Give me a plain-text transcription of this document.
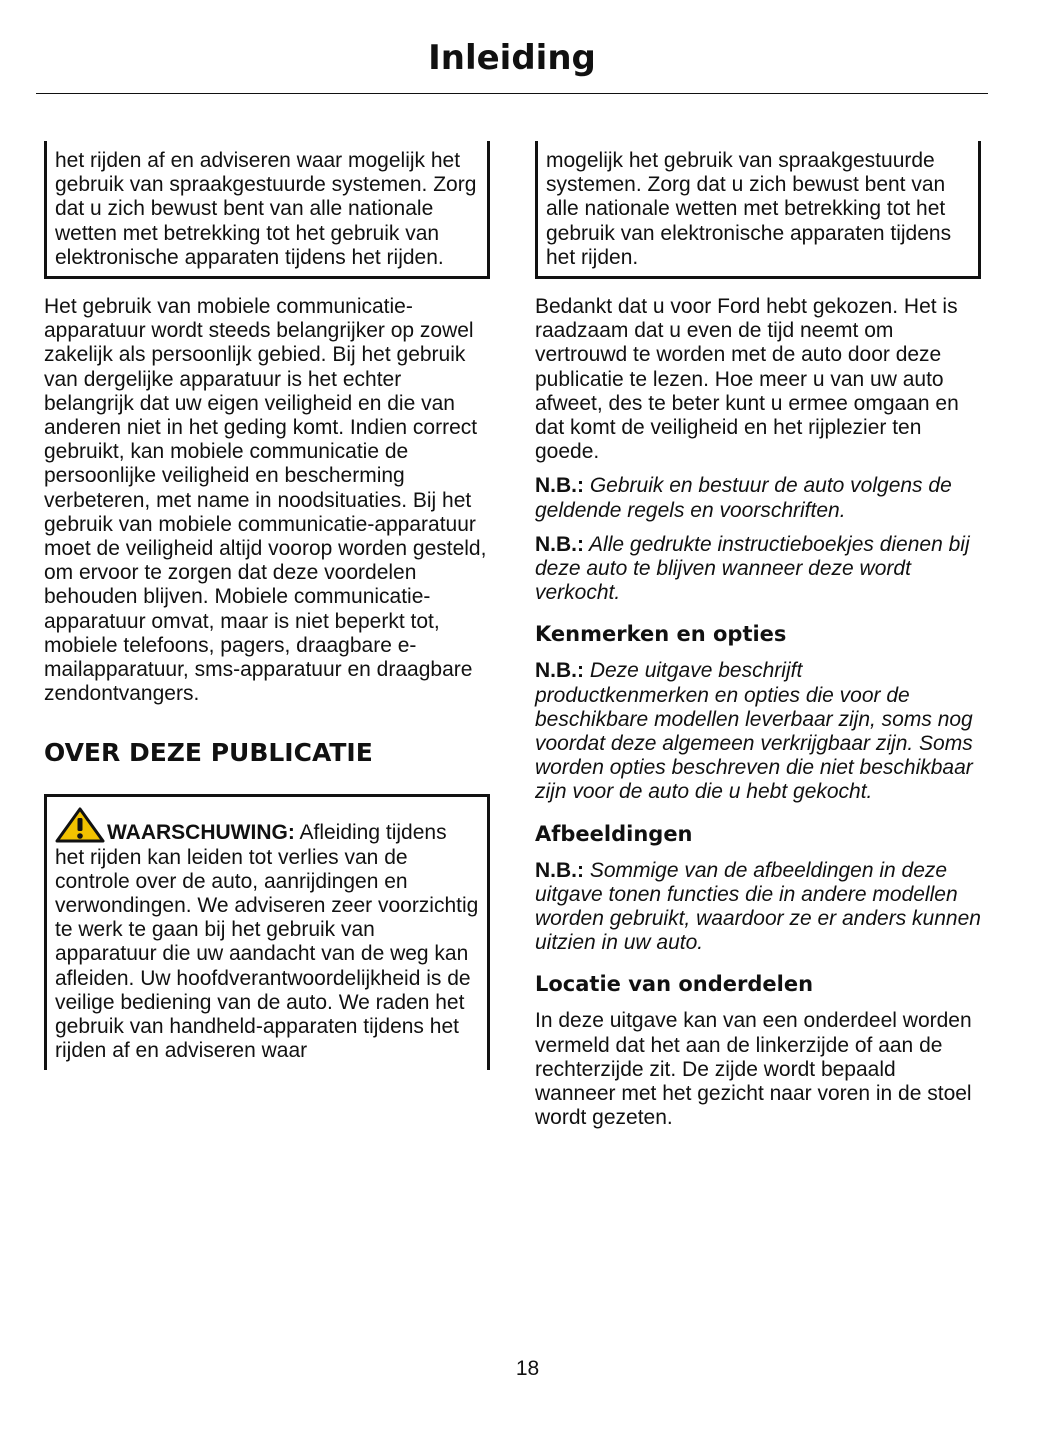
Inleiding

het rijden af en adviseren waar mogelijk het gebruik van spraakgestuurde systemen. Zorg dat u zich bewust bent van alle nationale wetten met betrekking tot het gebruik van elektronische apparaten tijdens het rijden.

Het gebruik van mobiele communicatie-apparatuur wordt steeds belangrijker op zowel zakelijk als persoonlijk gebied. Bij het gebruik van dergelijke apparatuur is het echter belangrijk dat uw eigen veiligheid en die van anderen niet in het geding komt. Indien correct gebruikt, kan mobiele communicatie de persoonlijke veiligheid en bescherming verbeteren, met name in noodsituaties. Bij het gebruik van mobiele communicatie-apparatuur moet de veiligheid altijd voorop worden gesteld, om ervoor te zorgen dat deze voordelen behouden blijven. Mobiele communicatie-apparatuur omvat, maar is niet beperkt tot, mobiele telefoons, pagers, draagbare e-mailapparatuur, sms-apparatuur en draagbare zendontvangers.

OVER DEZE PUBLICATIE

WAARSCHUWING: Afleiding tijdens het rijden kan leiden tot verlies van de controle over de auto, aanrijdingen en verwondingen. We adviseren zeer voorzichtig te werk te gaan bij het gebruik van apparatuur die uw aandacht van de weg kan afleiden. Uw hoofdverantwoordelijkheid is de veilige bediening van de auto. We raden het gebruik van handheld-apparaten tijdens het rijden af en adviseren waar

mogelijk het gebruik van spraakgestuurde systemen. Zorg dat u zich bewust bent van alle nationale wetten met betrekking tot het gebruik van elektronische apparaten tijdens het rijden.

Bedankt dat u voor Ford hebt gekozen. Het is raadzaam dat u even de tijd neemt om vertrouwd te worden met de auto door deze publicatie te lezen. Hoe meer u van uw auto afweet, des te beter kunt u ermee omgaan en dat komt de veiligheid en het rijplezier ten goede.

N.B.: Gebruik en bestuur de auto volgens de geldende regels en voorschriften.

N.B.: Alle gedrukte instructieboekjes dienen bij deze auto te blijven wanneer deze wordt verkocht.

Kenmerken en opties

N.B.: Deze uitgave beschrijft productkenmerken en opties die voor de beschikbare modellen leverbaar zijn, soms nog voordat deze algemeen verkrijgbaar zijn. Soms worden opties beschreven die niet beschikbaar zijn voor de auto die u hebt gekocht.

Afbeeldingen

N.B.: Sommige van de afbeeldingen in deze uitgave tonen functies die in andere modellen worden gebruikt, waardoor ze er anders kunnen uitzien in uw auto.

Locatie van onderdelen

In deze uitgave kan van een onderdeel worden vermeld dat het aan de linkerzijde of aan de rechterzijde zit. De zijde wordt bepaald wanneer met het gezicht naar voren in de stoel wordt gezeten.

18
